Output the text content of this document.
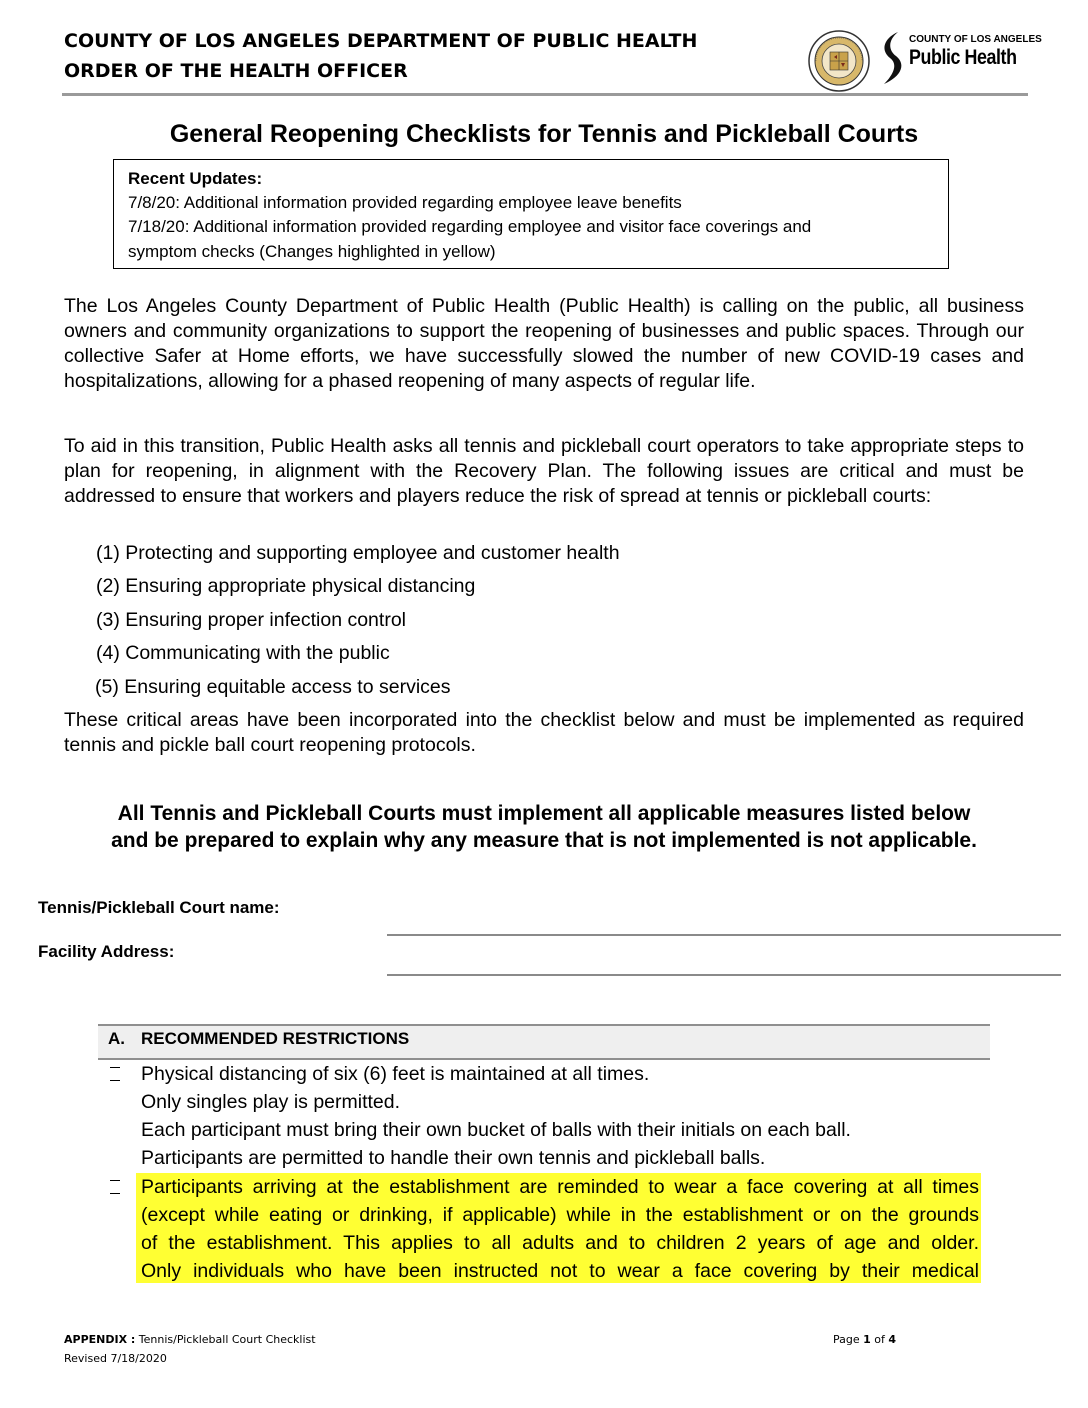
COUNTY OF LOS ANGELES DEPARTMENT OF PUBLIC HEALTH
ORDER OF THE HEALTH OFFICER
COUNTY OF LOS ANGELES
Public Health
General Reopening Checklists for Tennis and Pickleball Courts
Recent Updates:
7/8/20: Additional information provided regarding employee leave benefits
7/18/20: Additional information provided regarding employee and visitor face coverings and
symptom checks (Changes highlighted in yellow)
The Los Angeles County Department of Public Health (Public Health) is calling on the public, all business owners and community organizations to support the reopening of businesses and public spaces. Through our collective Safer at Home efforts, we have successfully slowed the number of new COVID-19 cases and hospitalizations, allowing for a phased reopening of many aspects of regular life.
To aid in this transition, Public Health asks all tennis and pickleball court operators to take appropriate steps to plan for reopening, in alignment with the Recovery Plan. The following issues are critical and must be addressed to ensure that workers and players reduce the risk of spread at tennis or pickleball courts:
(1) Protecting and supporting employee and customer health
(2) Ensuring appropriate physical distancing
(3) Ensuring proper infection control
(4) Communicating with the public
(5) Ensuring equitable access to services
These critical areas have been incorporated into the checklist below and must be implemented as required tennis and pickle ball court reopening protocols.
All Tennis and Pickleball Courts must implement all applicable measures listed below
and be prepared to explain why any measure that is not implemented is not applicable.
Tennis/Pickleball Court name:
Facility Address:
A. RECOMMENDED RESTRICTIONS
Physical distancing of six (6) feet is maintained at all times.
Only singles play is permitted.
Each participant must bring their own bucket of balls with their initials on each ball.
Participants are permitted to handle their own tennis and pickleball balls.
Participants arriving at the establishment are reminded to wear a face covering at all times
(except while eating or drinking, if applicable) while in the establishment or on the grounds
of the establishment. This applies to all adults and to children 2 years of age and older.
Only individuals who have been instructed not to wear a face covering by their medical
APPENDIX : Tennis/Pickleball Court Checklist
Revised 7/18/2020
Page 1 of 4
